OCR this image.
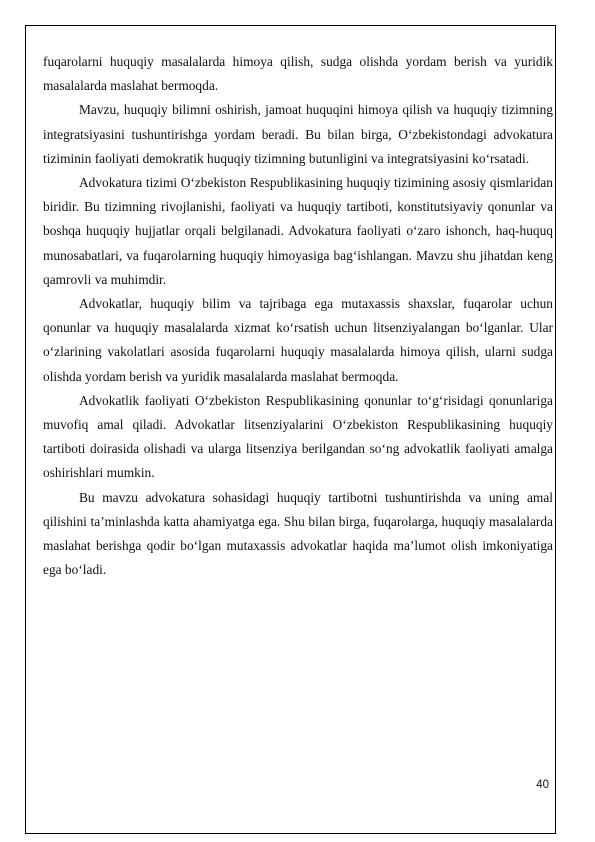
fuqarolarni huquqiy masalalarda himoya qilish, sudga olishda yordam berish va yuridik masalalarda maslahat bermoqda.

Mavzu, huquqiy bilimni oshirish, jamoat huquqini himoya qilish va huquqiy tizimning integratsiyasini tushuntirishga yordam beradi. Bu bilan birga, O‘zbekistondagi advokatura tiziminin faoliyati demokratik huquqiy tizimning butunligini va integratsiyasini ko‘rsatadi.

Advokatura tizimi O‘zbekiston Respublikasining huquqiy tizimining asosiy qismlaridan biridir. Bu tizimning rivojlanishi, faoliyati va huquqiy tartiboti, konstitutsiyaviy qonunlar va boshqa huquqiy hujjatlar orqali belgilanadi. Advokatura faoliyati o‘zaro ishonch, haq-huquq munosabatlari, va fuqarolarning huquqiy himoyasiga bag‘ishlangan. Mavzu shu jihatdan keng qamrovli va muhimdir.

Advokatlar, huquqiy bilim va tajribaga ega mutaxassis shaxslar, fuqarolar uchun qonunlar va huquqiy masalalarda xizmat ko‘rsatish uchun litsenziyalangan bo‘lganlar. Ular o‘zlarining vakolatlari asosida fuqarolarni huquqiy masalalarda himoya qilish, ularni sudga olishda yordam berish va yuridik masalalarda maslahat bermoqda.

Advokatlik faoliyati O‘zbekiston Respublikasining qonunlar to‘g‘risidagi qonunlariga muvofiq amal qiladi. Advokatlar litsenziyalarini O‘zbekiston Respublikasining huquqiy tartiboti doirasida olishadi va ularga litsenziya berilgandan so‘ng advokatlik faoliyati amalga oshirishlari mumkin.

Bu mavzu advokatura sohasidagi huquqiy tartibotni tushuntirishda va uning amal qilishini ta’minlashda katta ahamiyatga ega. Shu bilan birga, fuqarolarga, huquqiy masalalarda maslahat berishga qodir bo‘lgan mutaxassis advokatlar haqida ma’lumot olish imkoniyatiga ega bo‘ladi.

40
